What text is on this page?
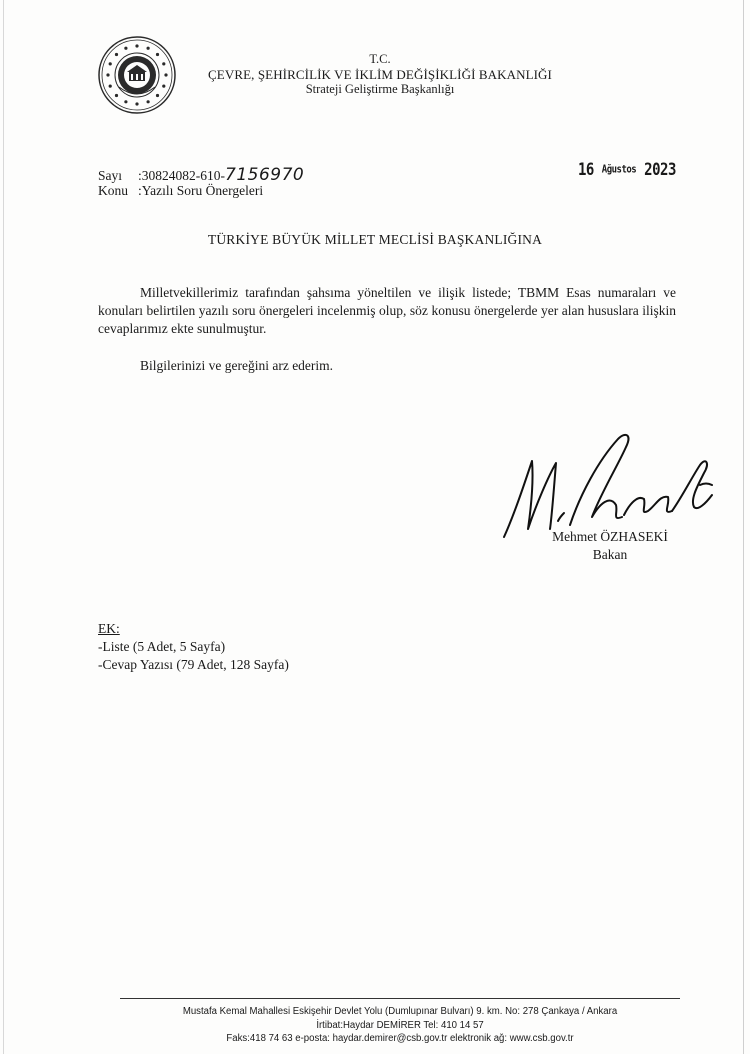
T.C.
ÇEVRE, ŞEHİRCİLİK VE İKLİM DEĞİŞİKLİĞİ BAKANLIĞI
Strateji Geliştirme Başkanlığı
Sayı :30824082-610-7156970
Konu :Yazılı Soru Önergeleri
16 Ağustos 2023
TÜRKİYE BÜYÜK MİLLET MECLİSİ BAŞKANLIĞINA
Milletvekillerimiz tarafından şahsıma yöneltilen ve ilişik listede; TBMM Esas numaraları ve konuları belirtilen yazılı soru önergeleri incelenmiş olup, söz konusu önergelerde yer alan hususlara ilişkin cevaplarımız ekte sunulmuştur.
Bilgilerinizi ve gereğini arz ederim.
Mehmet ÖZHASEKİ
Bakan
EK:
-Liste (5 Adet, 5 Sayfa)
-Cevap Yazısı (79 Adet, 128 Sayfa)
Mustafa Kemal Mahallesi Eskişehir Devlet Yolu (Dumlupınar Bulvarı) 9. km. No: 278 Çankaya / Ankara
İrtibat:Haydar DEMİRER Tel: 410 14 57
Faks:418 74 63 e-posta: haydar.demirer@csb.gov.tr elektronik ağ: www.csb.gov.tr
